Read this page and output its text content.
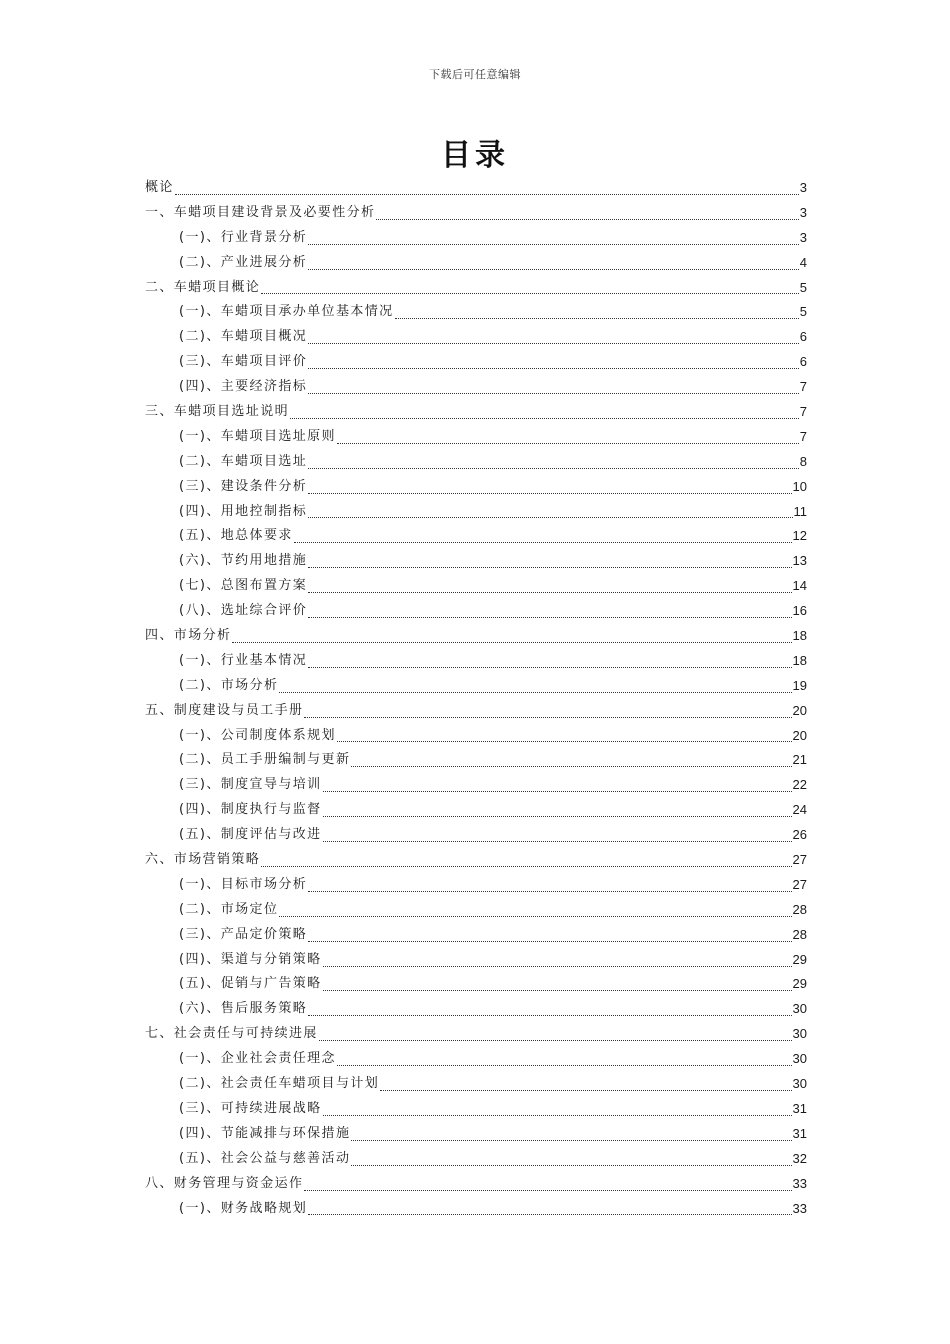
下载后可任意编辑
目录
概论	3
一、车蜡项目建设背景及必要性分析	3
(一)、行业背景分析	3
(二)、产业进展分析	4
二、车蜡项目概论	5
(一)、车蜡项目承办单位基本情况	5
(二)、车蜡项目概况	6
(三)、车蜡项目评价	6
(四)、主要经济指标	7
三、车蜡项目选址说明	7
(一)、车蜡项目选址原则	7
(二)、车蜡项目选址	8
(三)、建设条件分析	10
(四)、用地控制指标	11
(五)、地总体要求	12
(六)、节约用地措施	13
(七)、总图布置方案	14
(八)、选址综合评价	16
四、市场分析	18
(一)、行业基本情况	18
(二)、市场分析	19
五、制度建设与员工手册	20
(一)、公司制度体系规划	20
(二)、员工手册编制与更新	21
(三)、制度宣导与培训	22
(四)、制度执行与监督	24
(五)、制度评估与改进	26
六、市场营销策略	27
(一)、目标市场分析	27
(二)、市场定位	28
(三)、产品定价策略	28
(四)、渠道与分销策略	29
(五)、促销与广告策略	29
(六)、售后服务策略	30
七、社会责任与可持续进展	30
(一)、企业社会责任理念	30
(二)、社会责任车蜡项目与计划	30
(三)、可持续进展战略	31
(四)、节能减排与环保措施	31
(五)、社会公益与慈善活动	32
八、财务管理与资金运作	33
(一)、财务战略规划	33
